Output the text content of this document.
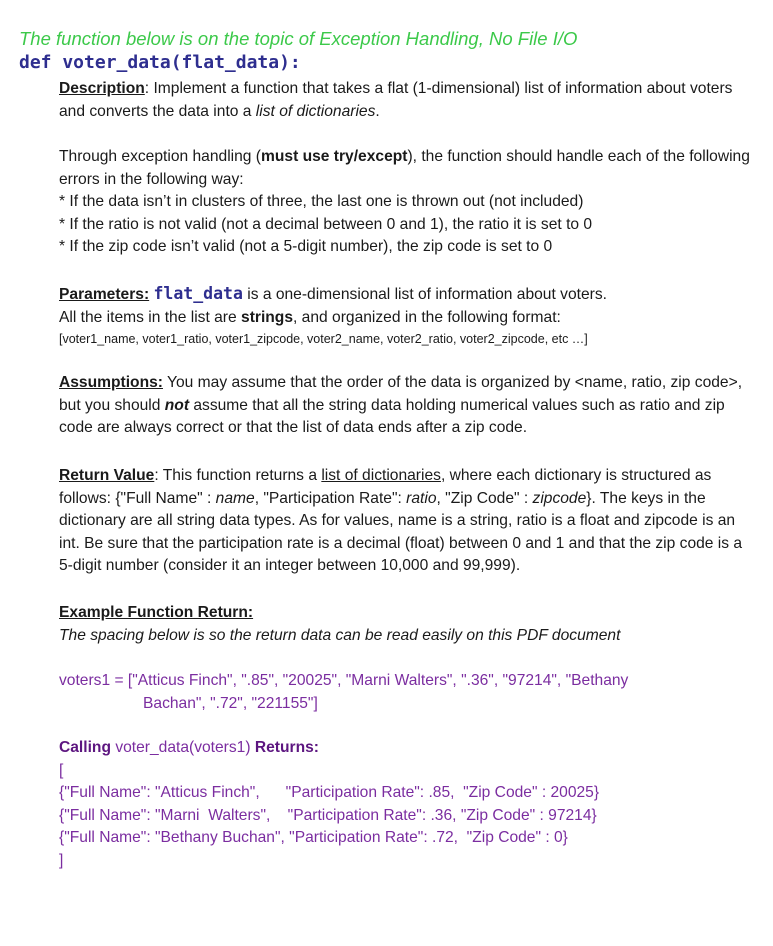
The function below is on the topic of Exception Handling, No File I/O
def voter_data(flat_data):
Description: Implement a function that takes a flat (1-dimensional) list of information about voters and converts the data into a list of dictionaries.
Through exception handling (must use try/except), the function should handle each of the following errors in the following way:
* If the data isn’t in clusters of three, the last one is thrown out (not included)
* If the ratio is not valid (not a decimal between 0 and 1), the ratio it is set to 0
* If the zip code isn’t valid (not a 5-digit number), the zip code is set to 0
Parameters: flat_data is a one-dimensional list of information about voters.
All the items in the list are strings, and organized in the following format:
[voter1_name, voter1_ratio, voter1_zipcode, voter2_name, voter2_ratio, voter2_zipcode, etc …]
Assumptions: You may assume that the order of the data is organized by <name, ratio, zip code>, but you should not assume that all the string data holding numerical values such as ratio and zip code are always correct or that the list of data ends after a zip code.
Return Value: This function returns a list of dictionaries, where each dictionary is structured as follows: {"Full Name" : name, "Participation Rate": ratio, "Zip Code" : zipcode}. The keys in the dictionary are all string data types. As for values, name is a string, ratio is a float and zipcode is an int. Be sure that the participation rate is a decimal (float) between 0 and 1 and that the zip code is a 5-digit number (consider it an integer between 10,000 and 99,999).
Example Function Return:
The spacing below is so the return data can be read easily on this PDF document
voters1 = ["Atticus Finch", ".85", "20025", "Marni Walters", ".36", "97214", "Bethany
Bachan", ".72", "221155"]
Calling voter_data(voters1) Returns:
[
{"Full Name": "Atticus Finch",      "Participation Rate": .85,  "Zip Code" : 20025}
{"Full Name": "Marni  Walters",    "Participation Rate": .36, "Zip Code" : 97214}
{"Full Name": "Bethany Buchan", "Participation Rate": .72,  "Zip Code" : 0}
]
